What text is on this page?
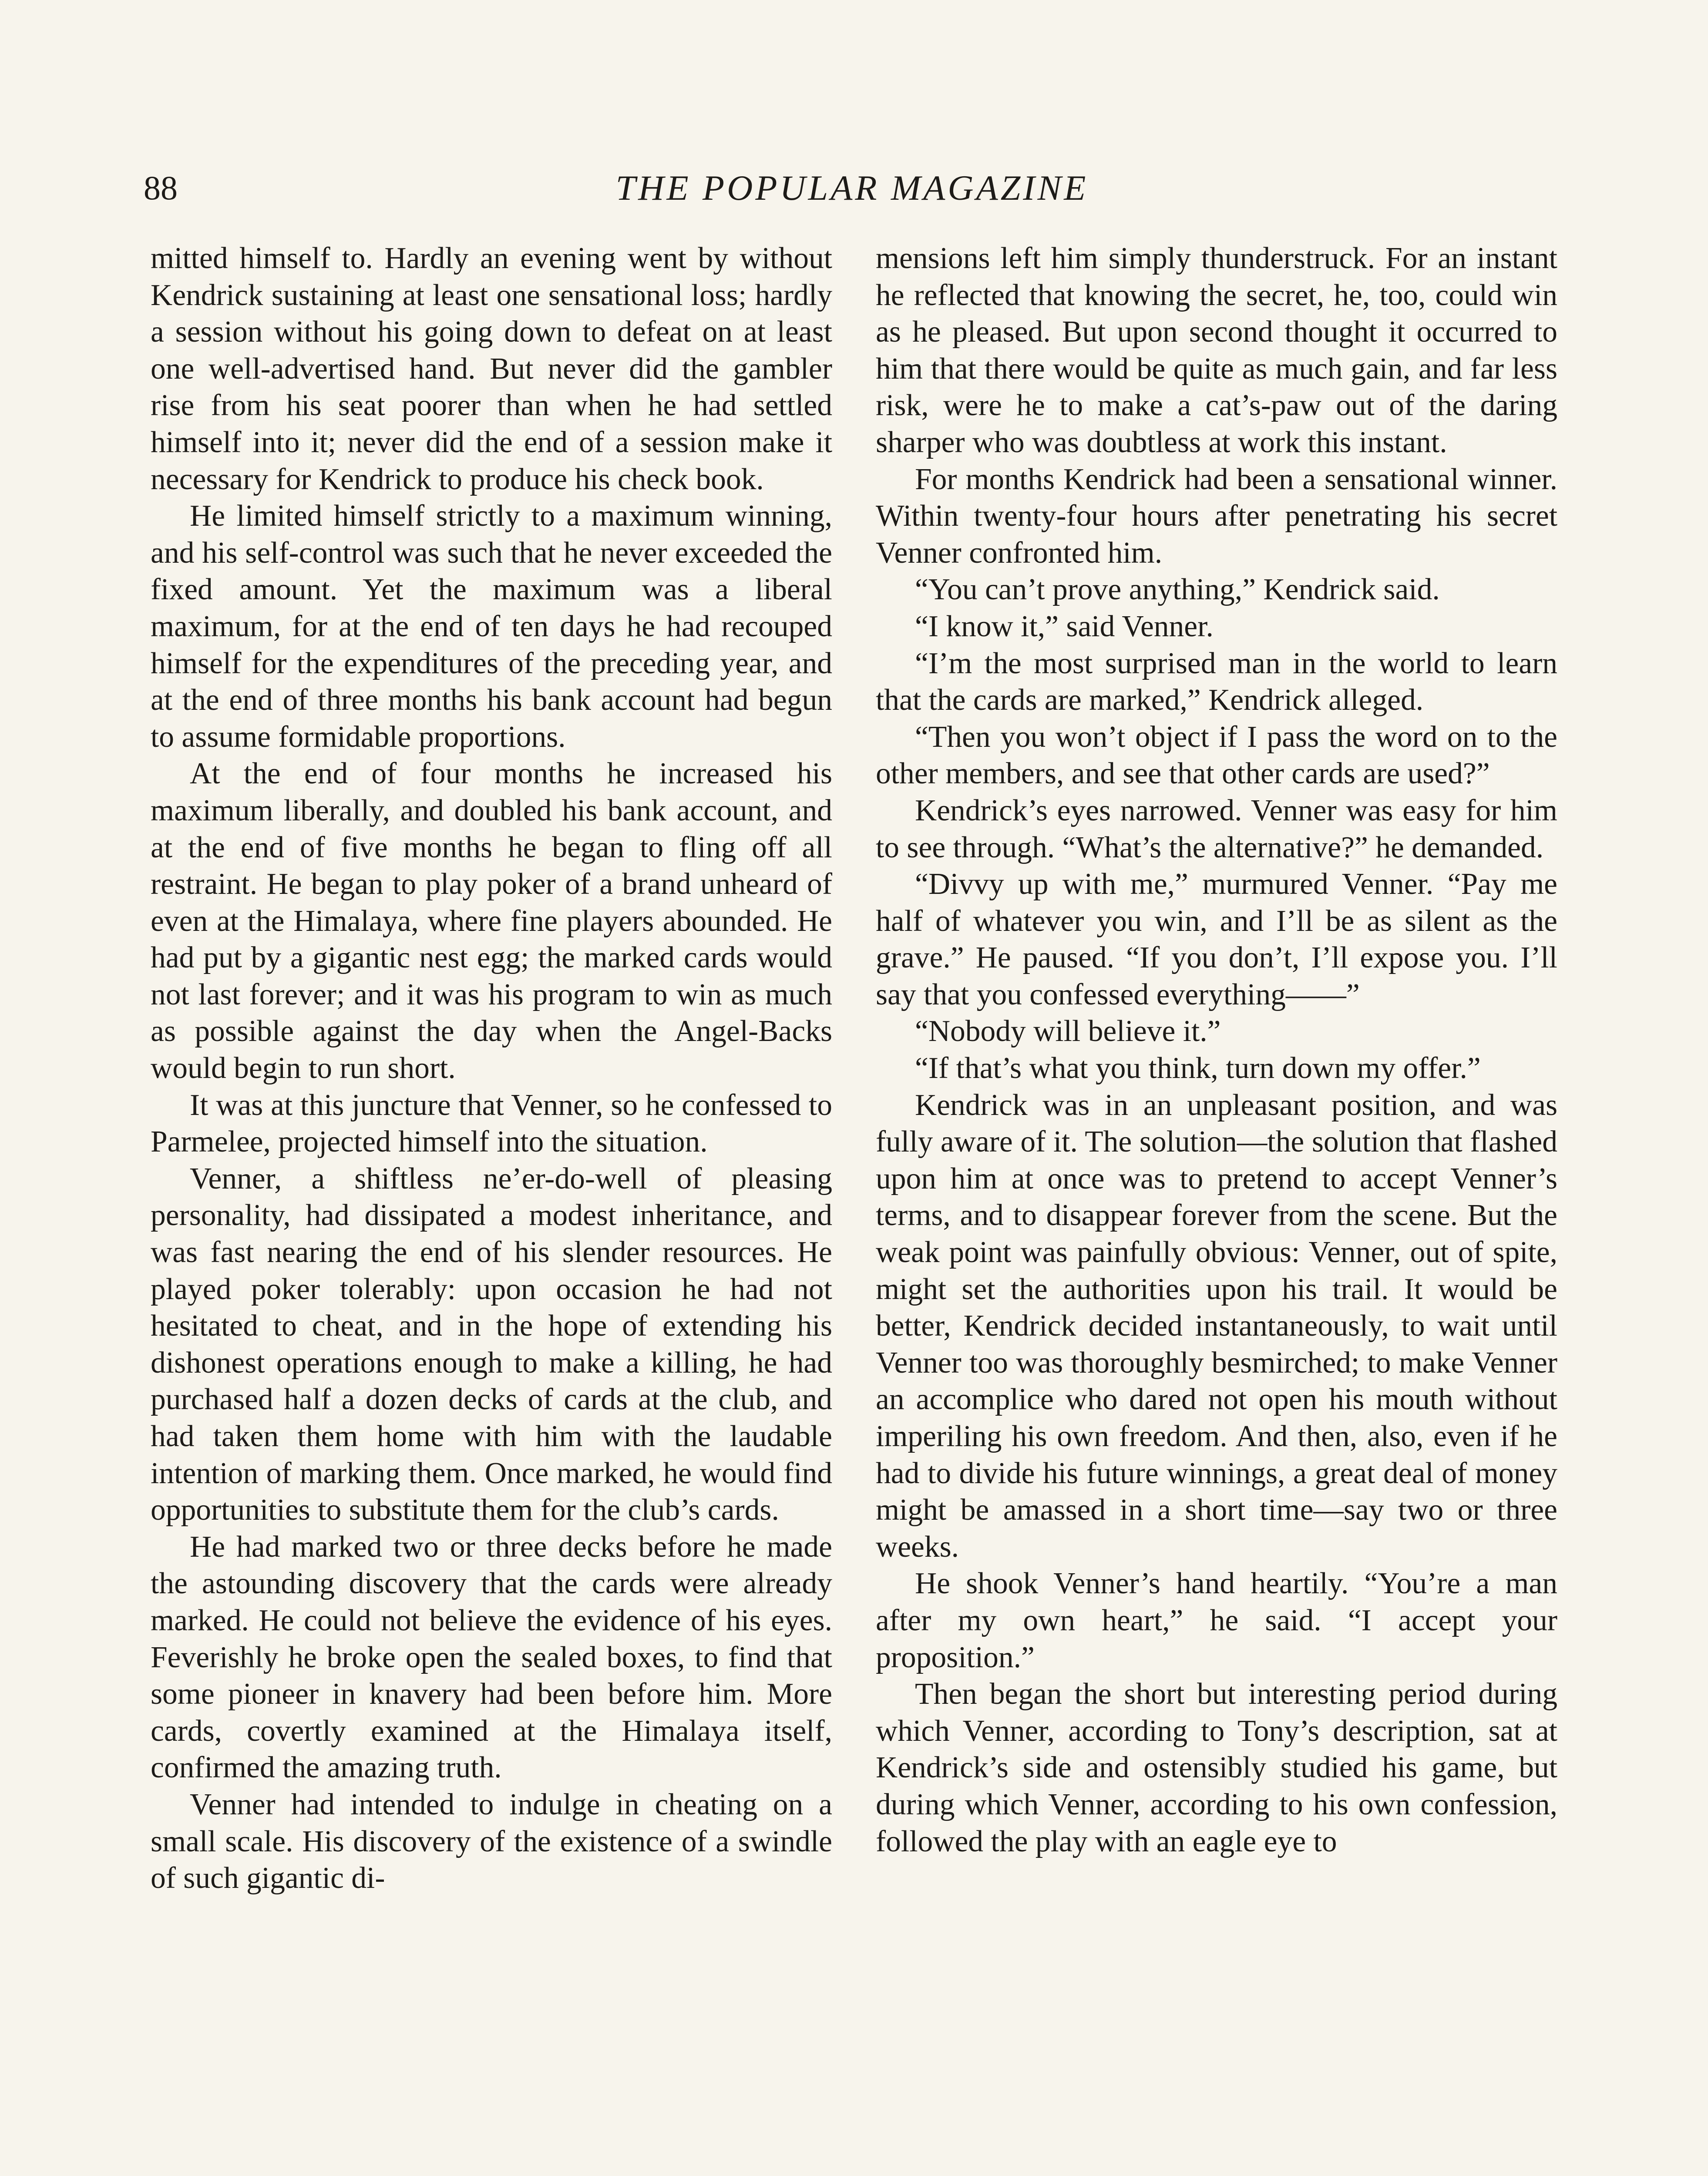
88	THE POPULAR MAGAZINE

mitted himself to. Hardly an evening went by without Kendrick sustaining at least one sensational loss; hardly a session without his going down to defeat on at least one well-advertised hand. But never did the gambler rise from his seat poorer than when he had settled himself into it; never did the end of a session make it necessary for Kendrick to produce his check book.

He limited himself strictly to a maximum winning, and his self-control was such that he never exceeded the fixed amount. Yet the maximum was a liberal maximum, for at the end of ten days he had recouped himself for the expenditures of the preceding year, and at the end of three months his bank account had begun to assume formidable proportions.

At the end of four months he increased his maximum liberally, and doubled his bank account, and at the end of five months he began to fling off all restraint. He began to play poker of a brand unheard of even at the Himalaya, where fine players abounded. He had put by a gigantic nest egg; the marked cards would not last forever; and it was his program to win as much as possible against the day when the Angel-Backs would begin to run short.

It was at this juncture that Venner, so he confessed to Parmelee, projected himself into the situation.

Venner, a shiftless ne’er-do-well of pleasing personality, had dissipated a modest inheritance, and was fast nearing the end of his slender resources. He played poker tolerably: upon occasion he had not hesitated to cheat, and in the hope of extending his dishonest operations enough to make a killing, he had purchased half a dozen decks of cards at the club, and had taken them home with him with the laudable intention of marking them. Once marked, he would find opportunities to substitute them for the club’s cards.

He had marked two or three decks before he made the astounding discovery that the cards were already marked. He could not believe the evidence of his eyes. Feverishly he broke open the sealed boxes, to find that some pioneer in knavery had been before him. More cards, covertly examined at the Himalaya itself, confirmed the amazing truth.

Venner had intended to indulge in cheating on a small scale. His discovery of the existence of a swindle of such gigantic di-

mensions left him simply thunderstruck. For an instant he reflected that knowing the secret, he, too, could win as he pleased. But upon second thought it occurred to him that there would be quite as much gain, and far less risk, were he to make a cat’s-paw out of the daring sharper who was doubtless at work this instant.

For months Kendrick had been a sensational winner. Within twenty-four hours after penetrating his secret Venner confronted him.

“You can’t prove anything,” Kendrick said.

“I know it,” said Venner.

“I’m the most surprised man in the world to learn that the cards are marked,” Kendrick alleged.

“Then you won’t object if I pass the word on to the other members, and see that other cards are used?”

Kendrick’s eyes narrowed. Venner was easy for him to see through. “What’s the alternative?” he demanded.

“Divvy up with me,” murmured Venner. “Pay me half of whatever you win, and I’ll be as silent as the grave.” He paused. “If you don’t, I’ll expose you. I’ll say that you confessed everything——”

“Nobody will believe it.”

“If that’s what you think, turn down my offer.”

Kendrick was in an unpleasant position, and was fully aware of it. The solution—the solution that flashed upon him at once was to pretend to accept Venner’s terms, and to disappear forever from the scene. But the weak point was painfully obvious: Venner, out of spite, might set the authorities upon his trail. It would be better, Kendrick decided instantaneously, to wait until Venner too was thoroughly besmirched; to make Venner an accomplice who dared not open his mouth without imperiling his own freedom. And then, also, even if he had to divide his future winnings, a great deal of money might be amassed in a short time—say two or three weeks.

He shook Venner’s hand heartily. “You’re a man after my own heart,” he said. “I accept your proposition.”

Then began the short but interesting period during which Venner, according to Tony’s description, sat at Kendrick’s side and ostensibly studied his game, but during which Venner, according to his own confession, followed the play with an eagle eye to
